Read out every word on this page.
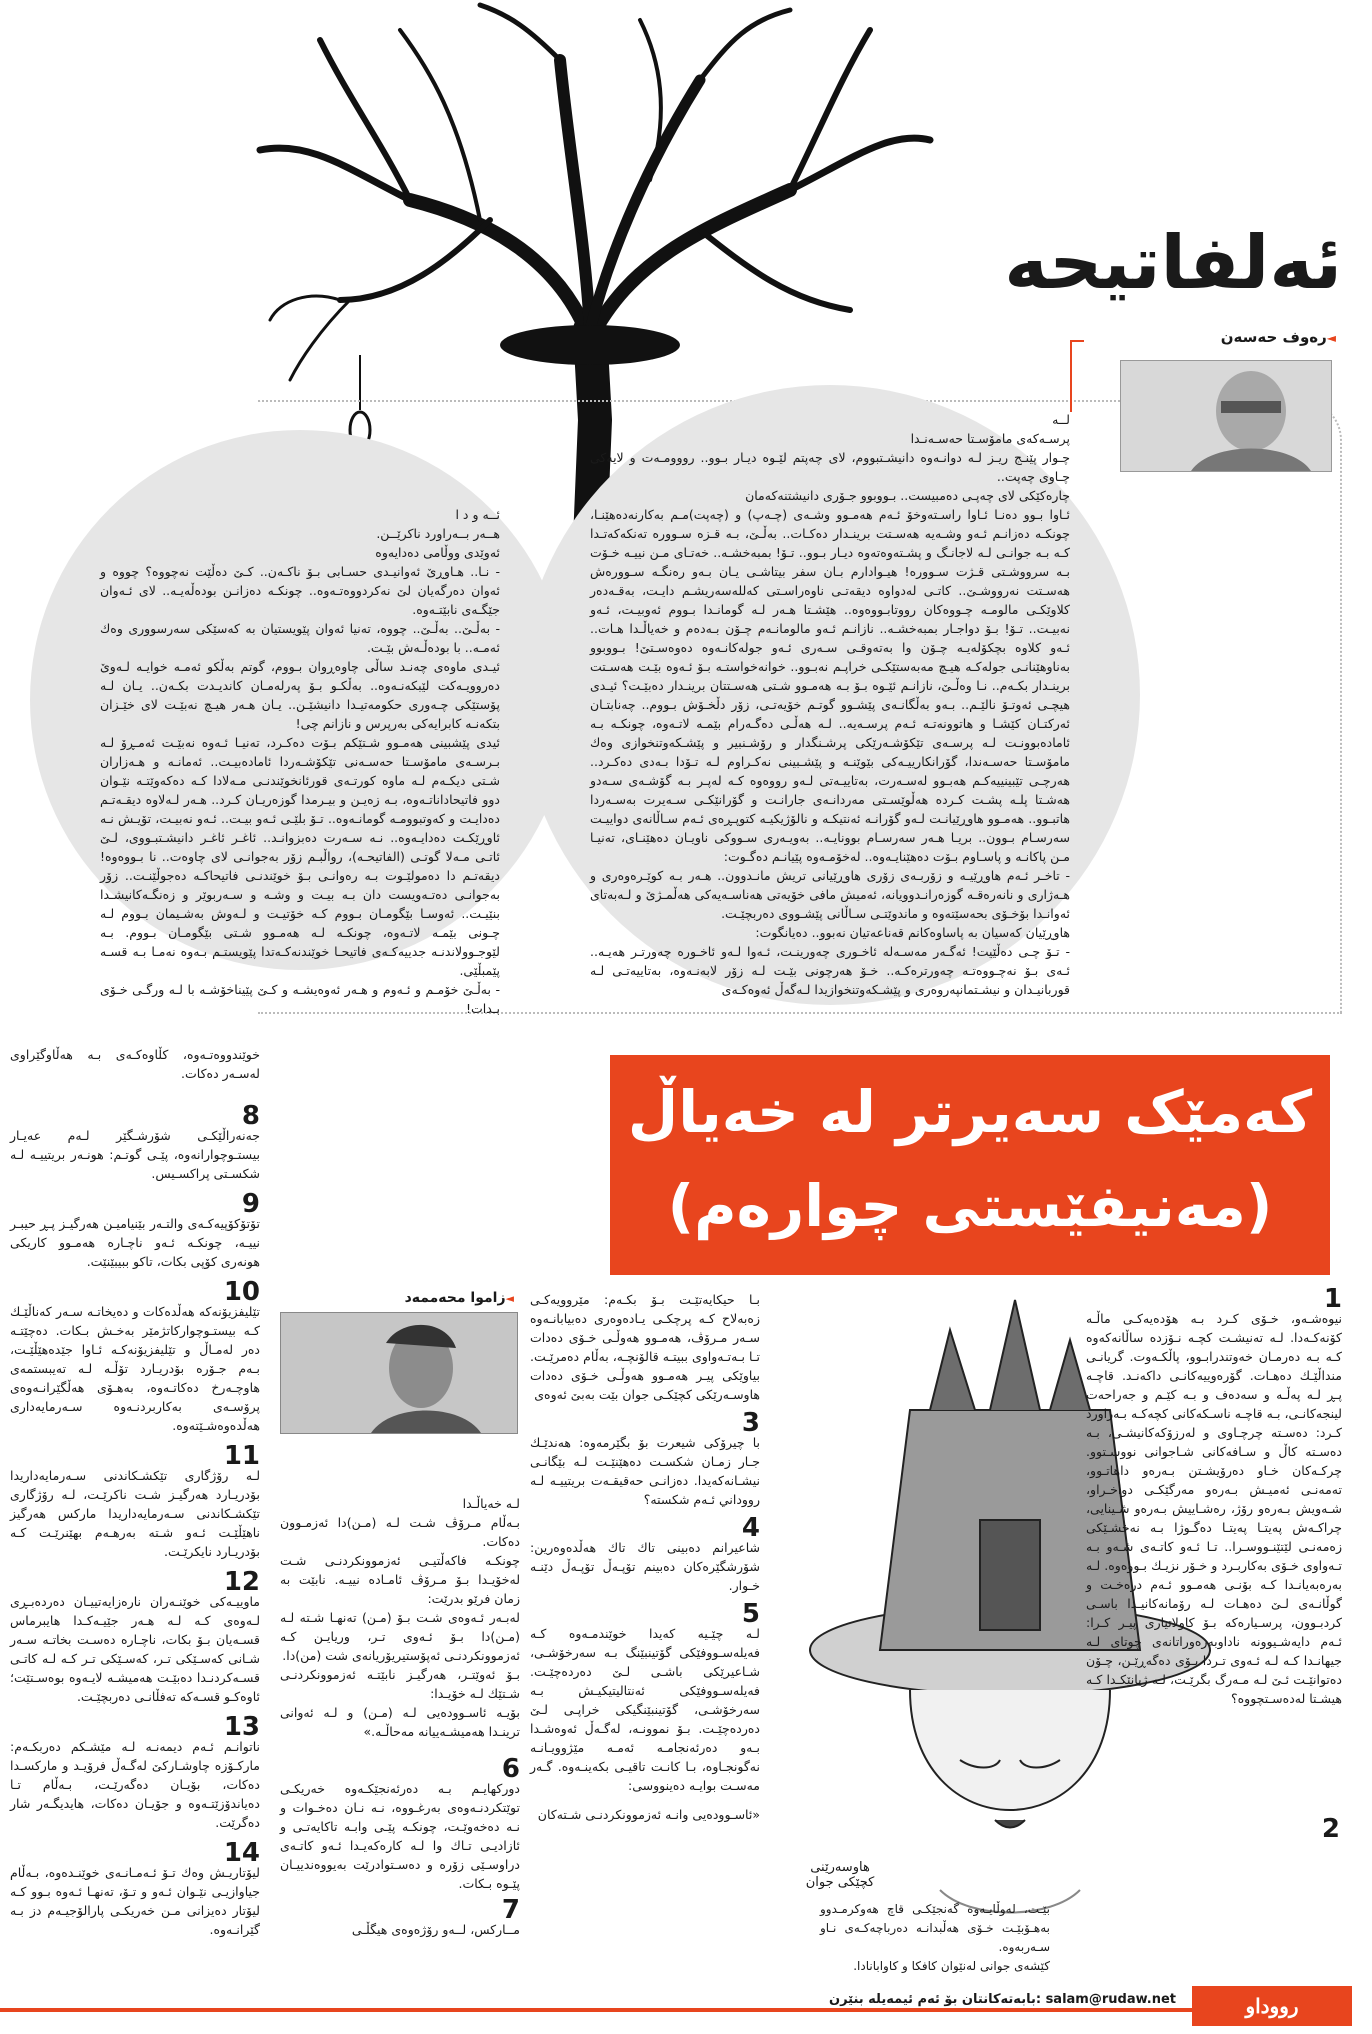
ئەلفاتیحە
رەوف حەسەن ◄
لــە
پرسـەكەی مامۆسـتا حەسـەنـدا
چـوار پێنـج ریـز لـە دوانـەوە دانیشـتبووم، لای چەپتم لێـوە دیـار بـوو.. رووومـەت و لایەكی چـاوی چەپت..
چارەكێكی لای چەپـی دەمبیست.. بـووبوو جـۆری دانیشتنەكەمان
ئـاوا بـوو دەنـا ئـاوا راسـتەوخۆ ئـەم هەمـوو وشـەی (چـەپ) و (چەپت)مـم بەكارنەدەهێنـا، چونكـە دەزانـم ئـەو وشـەیە هەسـتت برینـدار دەكـات.. بەڵـێ، بـە قـزە سـوورە تەنكەكەتـدا كـە بـە جوانـی لـە لاجانـگ و پشـتەوەتەوە دیـار بـوو.. تـۆ! بمبەخشـە.. خەتـای مـن نییـە خـۆت بـە سرووشـتی قـژت سـوورە! هیـوادارم بـان سفر بیتاشـی یـان بـەو رەنگـە سـوورەش هەسـتت نەرووشـێ.. كاتـی لەدواوە دیقەتـی ناوەراسـتی كەللەسەریشـم دایـت، بەقـەدەر كلاوێكـی مالومـە چـووەكان رووتابـووەوە.. هێشـتا هـەر لـە گومانـدا بـووم ئەوبیـت، ئـەو نەبیـت.. تـۆ! بـۆ دواجـار بمبەخشـە.. نازانـم ئـەو مالومانـەم چـۆن بـەدەم و خەیاڵـدا هـات.. ئـەو كلاوە بچكۆلەیـە چـۆن وا بەتەوقـی سـەری ئـەو جولەكانـەوە دەوەسـتێ! بـووبوو بەناوهێنانـی جولەكـە هیـچ مەبەستێكـی خراپـم نەبـوو.. خوانەخواستـە بـۆ ئـەوە بێـت هەسـتت برینـدار بكـەم.. نـا وەڵـێ، نازانـم ئێـوە بـۆ بـە هەمـوو شـتی هەسـتتان برینـدار دەبێـت؟ ئیـدی هیچـی ئەوتـۆ نالێـم.. بـەو بەڵگانـەی پێشـوو گوتـم خۆیەتـی، زۆر دڵخـۆش بـووم.. چەنابتـان ئەركتـان كێشـا و هاتوونەتـە ئـەم پرسـەیە.. لـە هەڵـی دەگـەرام بێمـە لاتـەوە، چونكـە بـە ئامادەبوونـت لـە پرسـەی تێكۆشـەرێكی پرشـنگدار و رۆشـنبیر و پێشـكەوتنخوازی وەك مامۆسـتا حەسـەندا، گۆرانكارییـەكی بێوێنـە و پێشـبینی نەكـراوم لـە تـۆدا بـەدی دەكـرد.. هەرچـی تێبینییەكـم هەبـوو لەسـەرت، بەتاییـەتی لـەو رووەوە كـە لەپـر بـە گۆشـەی سـەدو هەشـتا پلـە پشـت كـردە هەڵوێسـتی مەردانـەی جارانـت و گۆرانێكـی سـەیرت بەسـەردا هاتبـوو.. هەمـوو هاوڕێیانـت لـەو گۆرانـە ئەنتیكـە و نالۆژیكیـە كتوپـڕەی ئـەم سـاڵانەی دواییـت سەرسـام بـوون.. بریـا هـەر سەرسـام بوونایـە.. بەویـەری سـووكی ناویـان دەهێنـای، تەنیـا مـن پاكانـە و پاسـاوم بـۆت دەهێنایـەوە.. لەخۆمـەوە پێیانـم دەگـوت:
- تاخـر ئـەم هاوڕێیـە و زۆربـەی زۆری هاوڕێیانی تریش مانـدوون.. هـەر بـە كوێـرەوەری و هـەژاری و نانەرەقـە گوزەرانـدوویانە، ئەمیش مافی خۆیەتی هەناسـەیەكی هەڵمـژێ و لـەبەتای ئەوانـدا بۆخـۆی بحەسێتەوە و ماندوێتـی سـاڵانی پێشـووی دەربچێـت.
هاوڕێیان كەسیان بە پاساوەكانم قەناعەتیان نەبوو.. دەیانگوت:
- تـۆ چـی دەڵێیت! ئەگـەر مەسـەلە ئاخـوری چەورینـت، ئـەوا لـەو ئاخـورە چەورتـر هەیـە.. ئـەی بـۆ نەچـووەتـە چەورترەكـە.. خـۆ هەرچونی بێـت لـە زۆر لابەنـەوە، بەتاییەتـی لـە قوربانیـدان و نیشـتمانپەروەری و پێشـكەوتنخوازیدا لـەگەڵ ئەوەكـەی
ئــە و د ا
هــەر بــەراورد ناكرێــن.
ئەوێدی ووڵامی دەدایەوە
- نـا.. هـاوڕێ ئەوانیـدی حسـابی بـۆ ناكـەن.. كـێ دەڵێت نەچووە؟ چووە و ئەوان دەرگەیان لێ نەكردووەتـەوە.. چونكـە دەزانـن بودەڵەیـە.. لای ئـەوان جێگـەی نابێتـەوە.
- بەڵـێ.. بەڵـێ.. چووە، تەنیا ئەوان پێویستیان بە كەسێكی سەرسووری وەك ئەمـە.. با بودەڵـەش بێـت.
ئیـدی ماوەی چەنـد ساڵی چاوەڕوان بـووم، گوتم بەڵكو ئەمـە خوایـە لـەوێ دەروویـەكت لێبكەنـەوە.. بەڵكـو بـۆ پەرلەمـان كاندیـدت بكـەن.. یـان لـە پۆستێكی چـەوری حكومەتیـدا دانیشێـن.. یـان هـەر هیـچ نەبێـت لای خێـزان بتكەنـە كابرایەكی بەرپرس و نازانم چی!
ئیدی پێشبینی هەمـوو شـتێكم بـۆت دەكـرد، تەنیـا ئـەوە نەبێـت ئەمـڕۆ لـە بـرسـەی مامۆسـتا حەسـەنی تێكۆشـەردا ئامادەبیـت.. ئەمانـە و هـەزاران شـتی دیكـەم لـە ماوە كورتـەی قورئانخوێندنـی مـەلادا كـە دەكەوێتـە نێـوان دوو فاتیحاداناتـەوە، بـە زەیـن و بیـرمدا گوزەریـان كـرد.. هـەر لـەلاوە دیقـەتـم دەدایـت و كەوتبوومـە گومانـەوە.. تـۆ بلێـی ئـەو بیـت.. ئـەو نەبیـت، تۆیـش نـە ئاوڕێكـت دەدایـەوە.. نـە سـەرت دەبزوانـد.. ئاغـر ئاغـر دانیشـتبـووی، لـێ ئاتـی مـەلا گوتـی (الفاتیحـە)، رواڵبـم زۆر بەجوانـی لای چاوەت.. نا بـووەوە! دیقەتـم دا دەمولێـوت بـە رەوانـی بـۆ خوێندنـی فاتیحاكـە دەجوڵێنـت.. زۆر بەجوانـی دەتـەویست دان بـە بیـت و وشـە و سـەربوێر و زەنگـەكانیشـدا بنێیـت.. ئەوسـا بێگومـان بـووم كـە خۆتیـت و لـەوش بەشـیمان بـووم لـە چـونی بێمـە لاتـەوە، چونكـە لـە هەمـوو شـتی بێگومـان بـووم. بـە لێوجـوولاندنـە جدییەكـەی فاتیحـا خوێندنەكـەتدا پێویستـم بـەوە نەمـا بـە قسـە پێمبڵێی.
- بەڵـێ خۆمـم و ئـەوم و هـەر ئەوەیشـە و كـێ پێیناخۆشـە با لـە ورگـی خـۆی بـدات!
کەمێک سەیرتر لە خەیاڵ
(مەنیفێستی چوارەم)
خوێندووەتـەوە، كڵاوەكـەی بـە هەڵاوگێراوی لەسـەر دەكات.
8
جەنەراڵێكـی شۆرشـگێر لـەم عەیـار بیستـوچوارانەوە، پێـی گوتـم: هونـەر بریتییـە لـە شكسـتی پراكسـیس.
9
تۆتۆكۆپیەكـەی والتـەر بێنیامیـن هەرگیـز پـڕ حیبـر نییـە، چونكـە ئـەو ناچـارە هەمـوو كاریكی هونەری كۆپی بكات، تاكو ببیبێنێت.
10
تێلیفزیۆنەكە هەڵدەكات و دەیخاتـە سـەر كەناڵێـك كـە بیستـوچوارکاتژمێر بەخـش بـكات. دەچێتـە دەر لەمـاڵ و تێلیفزیۆنەكـە ئـاوا جێدەهێڵێـت، بـەم جـۆرە بۆدریـارد تۆڵـە لـە تەیبستمەی هاوچـەرخ دەكاتـەوە، بەهـۆی هەڵگێرانـەوەی پرۆسـەی بەكاربردنـەوە سـەرمایەداری هەڵدەوەشـێتەوە.
11
لـە رۆژگاری تێكشـكاندنی سـەرمایەداریدا بۆدریـارد هەرگیـز شـت ناكرێـت، لـە رۆژگاری تێكشـكاندنی سـەرمایەداریدا ماركس هەرگیز ناهێڵێـت ئـەو شـتە بەرهـەم بهێنرێـت كـە بۆدریـارد نایكرێـت.
12
ماوییـەكی خوێنـەران نارەزایەتییـان دەردەبـڕی لـەوەی كـە لـە هـەر جێیـەكـدا هایبرماس قسـەیان بـۆ بكات، ناچـارە دەسـت بخاتـە سـەر شـانی كەسـێكی تـر، كەسـێكی تـر كـە لـە كاتـی قسـەكردنـدا دەبێـت هەمیشـە لایـەوە بوەسـتێت؛ ئاوەكـو قسـەكە تەفڵانـی دەربچێـت.
13
ناتوانـم ئـەم دیمەنـە لـە مێشـكم دەربكـەم: ماركـۆزە چاوشـاركێ لەگـەڵ فرۆیـد و ماركسـدا دەكات، بۆیـان دەگەرێـت، بـەڵام تـا دەیاندۆزێتـەوە و جۆیـان دەكات، هایدیگـەر شار دەگرێت.
14
لیۆتاریـش وەك تـۆ ئـەمـانـەی خوێنـدەوە، بـەڵام جیاوازیـی نێـوان ئـەو و تـۆ، تەنهـا ئـەوە بـوو كـە لیۆتار دەیزانی مـن خەریكـی پارالۆجیـەم دز بـە گێرانـەوە.
زاموا محەممەد ◄
لـە خەیاڵـدا
بـەڵام مـرۆڤ شـت لـە (مـن)دا ئەزمـوون دەكات.
چونكـە فاكەڵتیـی ئەزموونكردنـی شـت لەخۆیـدا بـۆ مـرۆڤ ئامـادە نییـە. نابێت بە زمان فرێو بدرێت:
لەبـەر ئـەوەی شـت بـۆ (مـن) تەنهـا شـتە لـە (مـن)دا بـۆ ئـەوی تـر، وریایـن كـە ئەزموونكردنـی ئەپۆستیریۆریانەی شت (من)دا.
بـۆ ئەوێتـر، هەرگیـز نابێتـە ئەزموونكردنـی شـتێك لـە خۆیـدا:
بۆیـە ئاسـوودەیی لـە (مـن) و لـە ئەوانی ترینـدا هەمیشـەییانە مەحاڵـە.»
بـا حیكایەتێـت بـۆ بكـەم: مێروویەكـی زەبەلاح كـە پرچكـی یـادەوەری دەبیابانـەوە سـەر مـرۆڤ، هەمـوو هەوڵـی خـۆی دەدات تـا بـەتـەواوی ببیتـە قالۆنچـە، بەڵام دەمرێـت. بیاوێكی پیـر هەمـوو هەوڵـی خـۆی دەدات هاوسـەرێكی كچێكـی جوان بێت بەبێ ئەوەی
3
با چیرۆكی شیعرت بۆ بگێرمەوە: هەندێـك جـار زمـان شكسـت دەهێنێـت لـە بێگانـی نیشـانەكەیدا. دەزانـی حەقیقـەت بریتییـە لـە رووداني ئـەم شكستە؟
4
شاعیرانم دەبینی تاك تاك هەڵدەوەرین: شۆرشگێرەكان دەبینم تۆپـەڵ تۆپـەڵ دێنـە خـوار.
5
لـە چێـیە كەیدا خوێندمـەوە كـە فەیلەسـووفێكی گۆتینبێنگ بـە سەرخۆشـی، شـاعیرێكی باشـی لـێ دەردەچێـت. فەیلەسـووفێكی ئەنتالیتیكیـش بـە سەرخۆشـی، گۆتینبێنگیكی خراپـی لـێ دەردەچێـت. بـۆ نموونـە، لەگـەڵ ئەوەشـدا بـەو دەرئەنجامـە ئەمـە مێژوویـانـە نەگونجـاوە، بـا كانـت تاقیـی بكەینـەوە. گـەر مەسـت بوایـە دەینووسی:
«ئاسـوودەیی وانـە ئەزموونكردنـی شـتەكان
6
دوركهایـم بـە دەرئەنجێكـەوە خەریكـی توێتكردنـەوەی بەرغـووە، نـە نـان دەخـوات و نـە دەخەوێـت، چونكـە پێـی وابـە تاكایەتـی و ئازادیـی تـاك وا لـە كارەكەیـدا ئـەو كاتـەی دراوسـێی زۆرە و دەسـتوادرێت بەیووەندییـان پێـوە بـكات.
7
مــاركس، لــەو رۆژەوەی هیگڵـی
1
نیوەشـەو، خـۆی كـرد بـە هۆدەیەكـی ماڵـە كۆنەكـەدا. لـە تەنیشـت كچـە نـۆزدە ساڵانەكەوە كـە بـە دەرمـان خەوتندرابـوو، پاڵكـەوت. گریانـی منداڵێـك دەهـات. گۆرەوییەكانـی داكەنـد. قاچـە پـڕ لـە پەڵـە و سەدەف و بـە كێـم و جەراحەت لینجەكانـی، بـە قاچـە ناسـكەكانی كچەكـە بـەراورد كـرد: دەسـتە چرچـاوی و لەرزۆكەكانیشـی، بـە دەسـتە كاڵ و سـافەكانی شـاجوانی نووسـتوو. چركـەكان خـاو دەرۆیشـتن بـەرەو داهاتـوو، تەمەنـی ئەمیـش بـەرەو مەرگێكـی دواخـراو، شـەویش بـەرەو رۆژ، رەشـاییش بـەرەو شـینایی، چراكـەش پەیتـا پەیتـا دەگـوژا بـە نەخشـێكی زەمەنـی لێتێنـووسـرا.. تـا ئـەو كاتـەی شـەو بـە تـەواوی خـۆی بەكاربـرد و خـۆر نزیـك بـووەوە. لـە بەرەبەیانـدا كـە بۆنـی هەمـوو ئـەم درەخـت و گوڵانـەی لـێ دەهـات لـە رۆمانەكانیـدا باسـی كردبـوون، پرسـیارەكە بـۆ كاولاتیاری پیـر كـرا: ئـەم دایەشـیوونە ناداوبەرەوراتانەی چوتای لـە جیهانـدا كـە لـە ئـەوی تـردا بـۆی دەگەڕێـن، چـۆن دەتوانێـت ئـێ لـە مـەرگ بگرێـت، لـە ژیانێكـدا كـە هیشـتا لەدەسـتچووە؟
2
بێـت، لەوڵایـەوە گەنجێكـی قاچ هەوكرمـدوو بەهـۆبێـت خـۆی هەڵبدانـە دەرباچەكـەی نـاو سـەربەوە.
كێشەی جوانی لەنێوان كافكا و كاوابانادا.
هاوسەرێنی
كچێكی جوان
بابەتەکانتان بۆ ئەم ئیمەیلە بنێرن: salam@rudaw.net	رووداو
